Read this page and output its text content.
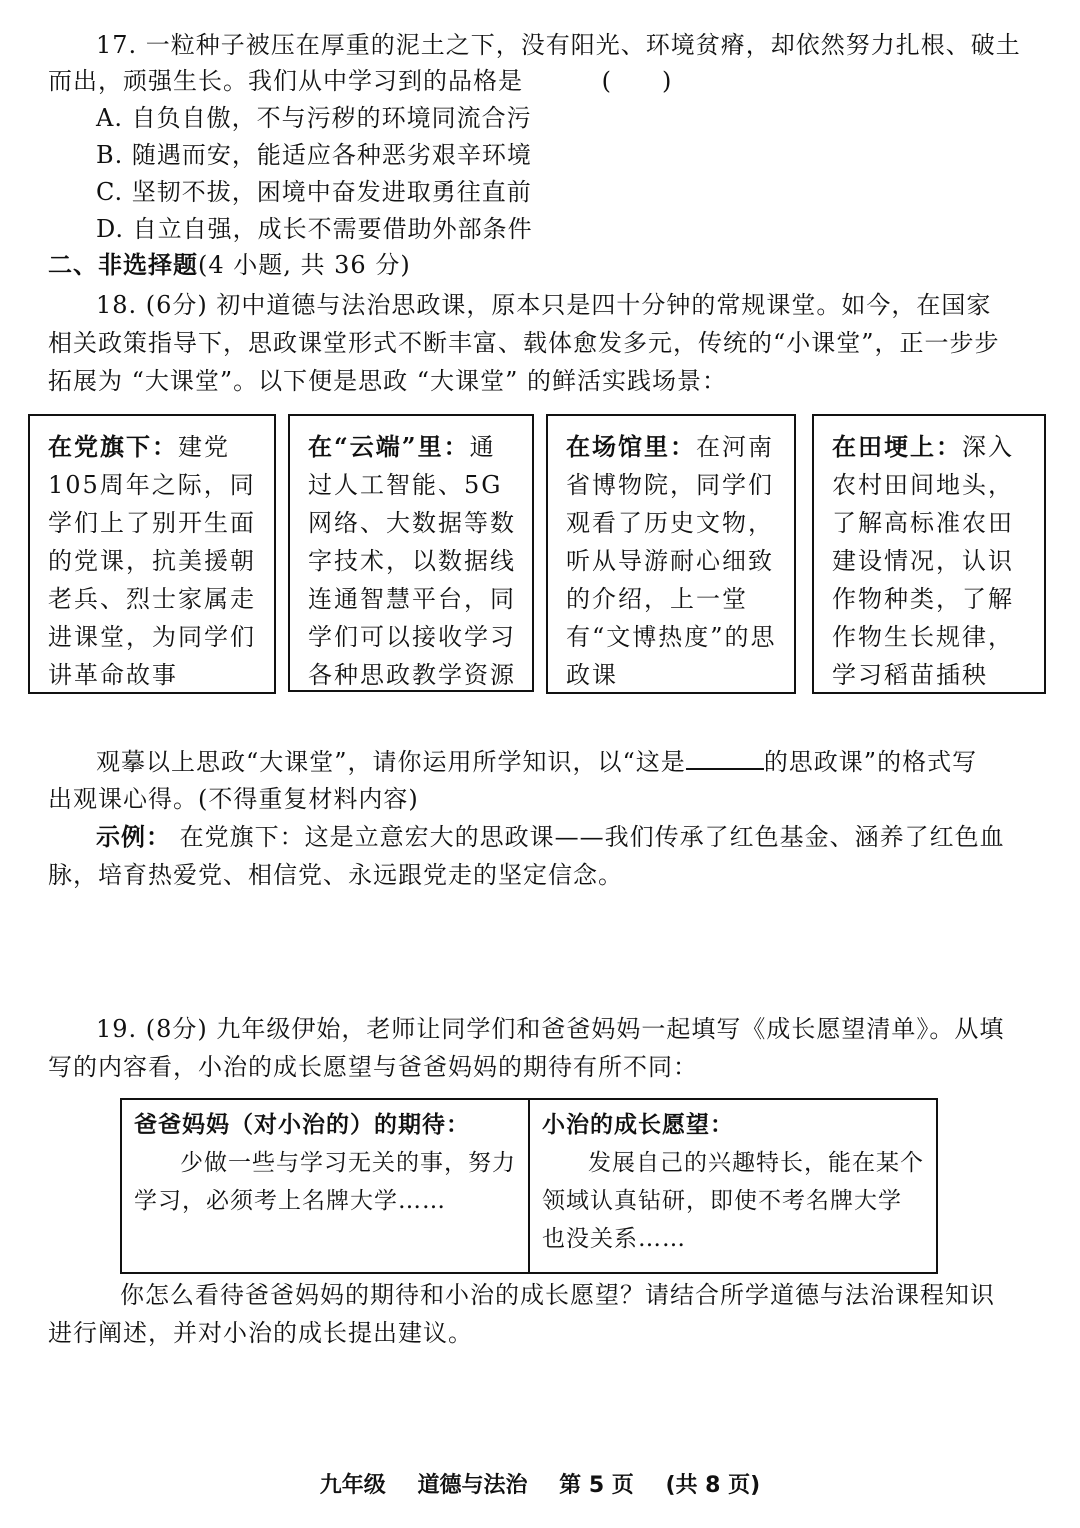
17. 一粒种子被压在厚重的泥土之下，没有阳光、环境贫瘠，却依然努力扎根、破土
而出，顽强生长。我们从中学习到的品格是	(　　)
A. 自负自傲，不与污秽的环境同流合污
B. 随遇而安，能适应各种恶劣艰辛环境
C. 坚韧不拔，困境中奋发进取勇往直前
D. 自立自强，成长不需要借助外部条件
二、非选择题(4 小题, 共 36 分)
18. (6分) 初中道德与法治思政课，原本只是四十分钟的常规课堂。如今，在国家
相关政策指导下，思政课堂形式不断丰富、载体愈发多元，传统的“小课堂”，正一步步
拓展为 “大课堂”。以下便是思政 “大课堂” 的鲜活实践场景：
在党旗下：建党105周年之际，同学们上了别开生面的党课，抗美援朝老兵、烈士家属走进课堂，为同学们讲革命故事
在“云端”里：通过人工智能、5G网络、大数据等数字技术，以数据线连通智慧平台，同学们可以接收学习各种思政教学资源
在场馆里：在河南省博物院，同学们观看了历史文物，听从导游耐心细致的介绍，上一堂有“文博热度”的思政课
在田埂上：深入农村田间地头，了解高标准农田建设情况，认识作物种类，了解作物生长规律，学习稻苗插秧
观摹以上思政“大课堂”，请你运用所学知识，以“这是	的思政课”的格式写
出观课心得。(不得重复材料内容)
示例： 在党旗下：这是立意宏大的思政课——我们传承了红色基金、涵养了红色血
脉，培育热爱党、相信党、永远跟党走的坚定信念。
19. (8分) 九年级伊始，老师让同学们和爸爸妈妈一起填写《成长愿望清单》。从填
写的内容看，小治的成长愿望与爸爸妈妈的期待有所不同：
爸爸妈妈（对小治的）的期待：
少做一些与学习无关的事，努力学习，必须考上名牌大学……
小治的成长愿望：
发展自己的兴趣特长，能在某个领域认真钻研，即使不考名牌大学也没关系……
你怎么看待爸爸妈妈的期待和小治的成长愿望？请结合所学道德与法治课程知识
进行阐述，并对小治的成长提出建议。
九年级 道德与法治 第 5 页 (共 8 页)
